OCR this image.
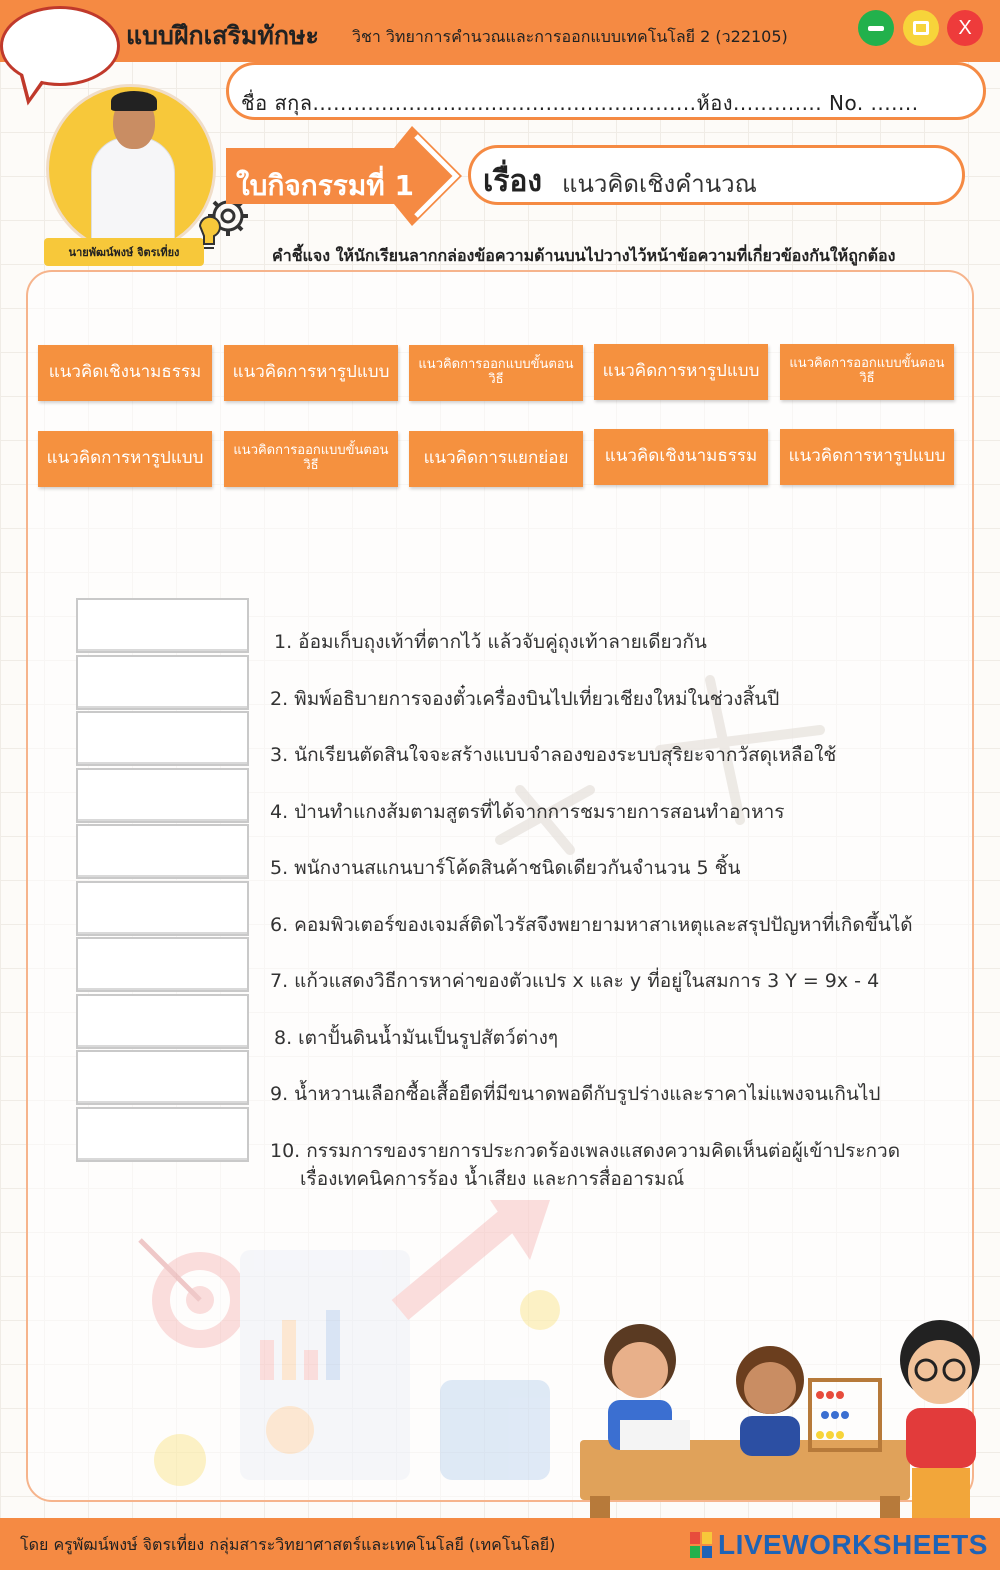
แบบฝึกเสริมทักษะ วิชา วิทยาการคำนวณและการออกแบบเทคโนโลยี 2 (ว22105)	X
นายพัฒน์พงษ์ จิตรเที่ยง
ชื่อ สกุล........................................................ห้อง............. No. .......
ใบกิจกรรมที่ 1 เรื่อง แนวคิดเชิงคำนวณ
คำชี้แจง ให้นักเรียนลากกล่องข้อความด้านบนไปวางไว้หน้าข้อความที่เกี่ยวข้องกันให้ถูกต้อง
แนวคิดเชิงนามธรรม	แนวคิดการหารูปแบบ	แนวคิดการออกแบบขั้นตอนวิธี	แนวคิดการหารูปแบบ	แนวคิดการออกแบบขั้นตอนวิธี
แนวคิดการหารูปแบบ	แนวคิดการออกแบบขั้นตอนวิธี	แนวคิดการแยกย่อย	แนวคิดเชิงนามธรรม	แนวคิดการหารูปแบบ
1. อ้อมเก็บถุงเท้าที่ตากไว้ แล้วจับคู่ถุงเท้าลายเดียวกัน
2. พิมพ์อธิบายการจองตั๋วเครื่องบินไปเที่ยวเชียงใหม่ในช่วงสิ้นปี
3. นักเรียนตัดสินใจจะสร้างแบบจำลองของระบบสุริยะจากวัสดุเหลือใช้
4. ป่านทำแกงส้มตามสูตรที่ได้จากการชมรายการสอนทำอาหาร
5. พนักงานสแกนบาร์โค้ดสินค้าชนิดเดียวกันจำนวน 5 ชิ้น
6. คอมพิวเตอร์ของเจมส์ติดไวรัสจึงพยายามหาสาเหตุและสรุปปัญหาที่เกิดขึ้นได้
7. แก้วแสดงวิธีการหาค่าของตัวแปร x และ y ที่อยู่ในสมการ 3 Y = 9x - 4
8. เตาปั้นดินน้ำมันเป็นรูปสัตว์ต่างๆ
9. น้ำหวานเลือกซื้อเสื้อยืดที่มีขนาดพอดีกับรูปร่างและราคาไม่แพงจนเกินไป
10. กรรมการของรายการประกวดร้องเพลงแสดงความคิดเห็นต่อผู้เข้าประกวด
เรื่องเทคนิคการร้อง น้ำเสียง และการสื่ออารมณ์
โดย ครูพัฒน์พงษ์ จิตรเที่ยง กลุ่มสาระวิทยาศาสตร์และเทคโนโลยี (เทคโนโลยี)	LIVEWORKSHEETS
